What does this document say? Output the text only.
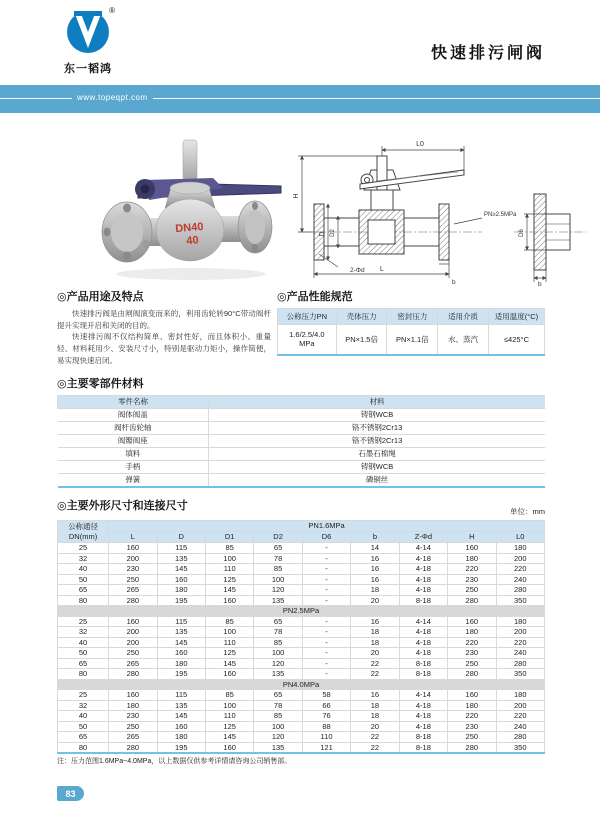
®
东一韬鸿
快速排污闸阀
www.topeqpt.com
DN40
40
L0
H
D D2
2-Φd L
b
PN≥2.5MPa
D6
b
◎产品用途及特点

快速排污阀是由闸阀演变而来的，利用齿轮转90°C带动阀杆提升实现开启和关闭的目的。

快速排污阀不仅结构简单、密封性好，而且体积小、重量轻、材料耗用少、安装尺寸小，特别是驱动力矩小，操作简便，易实现快速启闭。

◎产品性能规范
公称压力PN	壳体压力	密封压力	适用介质	适用温度(°C)
1.6/2.5/4.0
MPa	PN×1.5倍	PN×1.1倍	水、蒸汽	≤425°C
◎主要零部件材料
零件名称	材料
阀体阀盖	铸钢WCB
阀杆齿轮轴	铬不锈钢2Cr13
阀瓣阀座	铬不锈钢2Cr13
填料	石墨石棉绳
手柄	铸钢WCB
弹簧	磷铜丝
◎主要外形尺寸和连接尺寸	单位：mm
公称通径
DN(mm)	PN1.6MPa								
	L	D	D1	D2	D6	b	Z-Φd	H	L0
25	160	115	85	65	-	14	4-14	160	180
32	200	135	100	78	-	16	4-18	180	200
40	230	145	110	85	-	16	4-18	220	220
50	250	160	125	100	-	16	4-18	230	240
65	265	180	145	120	-	18	4-18	250	280
80	280	195	160	135	-	20	8-18	280	350
PN2.5MPa									
25	160	115	85	65	-	16	4-14	160	180
32	200	135	100	78	-	18	4-18	180	200
40	200	145	110	85	-	18	4-18	220	220
50	250	160	125	100	-	20	4-18	230	240
65	265	180	145	120	-	22	8-18	250	280
80	280	195	160	135	-	22	8-18	280	350
PN4.0MPa									
25	160	115	85	65	58	16	4-14	160	180
32	180	135	100	78	66	18	4-18	180	200
40	230	145	110	85	76	18	4-18	220	220
50	250	160	125	100	88	20	4-18	230	240
65	265	180	145	120	110	22	8-18	250	280
80	280	195	160	135	121	22	8-18	280	350
注：压力范围1.6MPa~4.0MPa，以上数据仅供参考详情请咨询公司销售部。
83
